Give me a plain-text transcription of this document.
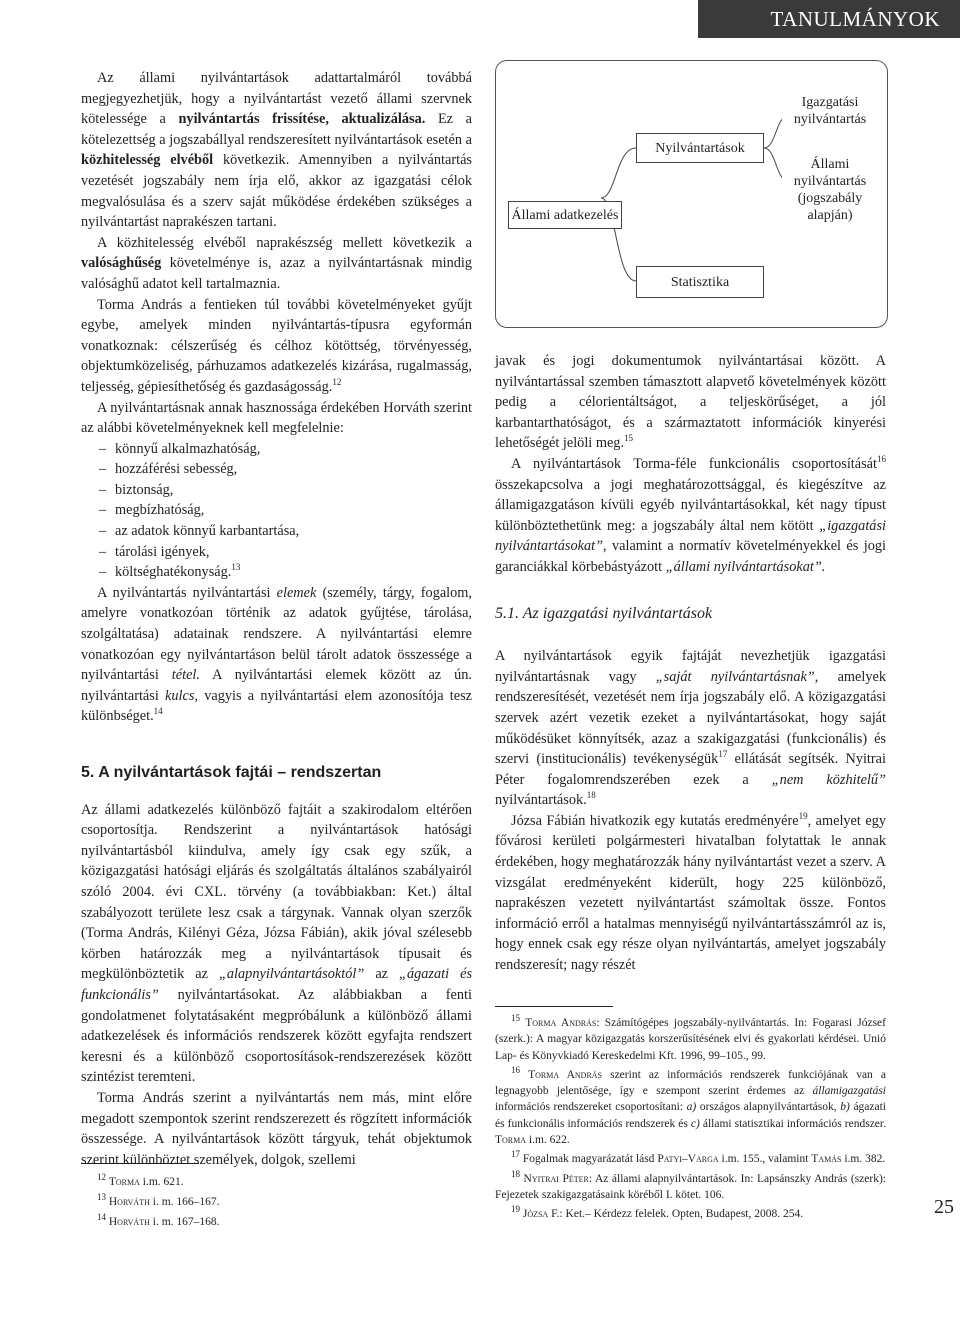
TANULMÁNYOK
Állami adatkezelés
Nyilvántartások
Statisztika
Igazgatási nyilvántartás
Állami nyilvántartás (jogszabály alapján)

Az állami nyilvántartások adattartalmáról továbbá megjegyezhetjük, hogy a nyilvántartást vezető állami szervnek kötelessége a nyilvántartás frissítése, aktualizálása. Ez a kötelezettség a jogszabállyal rendszeresített nyilvántartások esetén a közhitelesség elvéből következik. Amennyiben a nyilvántartás vezetését jogszabály nem írja elő, akkor az igazgatási célok megvalósulása és a szerv saját működése érdekében szükséges a nyilvántartást naprakészen tartani.

A közhitelesség elvéből naprakészség mellett következik a valósághűség követelménye is, azaz a nyilvántartásnak mindig valósághű adatot kell tartalmaznia.

Torma András a fentieken túl további követelményeket gyűjt egybe, amelyek minden nyilvántartás-típusra egyformán vonatkoznak: célszerűség és célhoz kötöttség, törvényesség, objektumközeliség, párhuzamos adatkezelés kizárása, rugalmasság, teljesség, gépiesíthetőség és gazdaságosság.$^{12}$

A nyilvántartásnak annak hasznossága érdekében Horváth szerint az alábbi követelményeknek kell megfelelnie:

– könnyű alkalmazhatóság,
– hozzáférési sebesség,
– biztonság,
– megbízhatóság,
– az adatok könnyű karbantartása,
– tárolási igények,
– költséghatékonyság.$^{13}$

A nyilvántartás nyilvántartási elemek (személy, tárgy, fogalom, amelyre vonatkozóan történik az adatok gyűjtése, tárolása, szolgáltatása) adatainak rendszere. A nyilvántartási elemre vonatkozóan egy nyilvántartáson belül tárolt adatok összessége a nyilvántartási tétel. A nyilvántartási elemek között az ún. nyilvántartási kulcs, vagyis a nyilvántartási elem azonosítója tesz különbséget.$^{14}$

5. A nyilvántartások fajtái – rendszertan

Az állami adatkezelés különböző fajtáit a szakirodalom eltérően csoportosítja. Rendszerint a nyilvántartások hatósági nyilvántartásból kiindulva, amely így csak egy szűk, a közigazgatási hatósági eljárás és szolgáltatás általános szabályairól szóló 2004. évi CXL. törvény (a továbbiakban: Ket.) által szabályozott területe lesz csak a tárgynak. Vannak olyan szerzők (Torma András, Kilényi Géza, Józsa Fábián), akik jóval szélesebb körben határozzák meg a nyilvántartások típusait és megkülönböztetik az „alapnyilvántartásoktól” az „ágazati és funkcionális” nyilvántartásokat. Az alábbiakban a fenti gondolatmenet folytatásaként megpróbálunk a különböző állami adatkezelések és információs rendszerek között egyfajta rendszert keresni és a különböző csoportosítások-rendszerezések között szintézist teremteni.

Torma András szerint a nyilvántartás nem más, mint előre megadott szempontok szerint rendszerezett és rögzített információk összessége. A nyilvántartások között tárgyuk, tehát objektumok szerint különböztet személyek, dolgok, szellemi

$^{12}$ Torma i.m. 621.
$^{13}$ Horváth i. m. 166–167.
$^{14}$ Horváth i. m. 167–168.

javak és jogi dokumentumok nyilvántartásai között. A nyilvántartással szemben támasztott alapvető követelmények között pedig a célorientáltságot, a teljeskörűséget, a jól karbantarthatóságot, és a származtatott információk kinyerési lehetőségét jelöli meg.$^{15}$

A nyilvántartások Torma-féle funkcionális csoportosítását$^{16}$ összekapcsolva a jogi meghatározottsággal, és kiegészítve az államigazgatáson kívüli egyéb nyilvántartásokkal, két nagy típust különböztethetünk meg: a jogszabály által nem kötött „igazgatási nyilvántartásokat”, valamint a normatív követelményekkel és jogi garanciákkal körbebástyázott „állami nyilvántartásokat”.

5.1. Az igazgatási nyilvántartások

A nyilvántartások egyik fajtáját nevezhetjük igazgatási nyilvántartásnak vagy „saját nyilvántartásnak”, amelyek rendszeresítését, vezetését nem írja jogszabály elő. A közigazgatási szervek azért vezetik ezeket a nyilvántartásokat, hogy saját működésüket könnyítsék, azaz a szakigazgatási (funkcionális) és szervi (institucionális) tevékenységük$^{17}$ ellátását segítsék. Nyitrai Péter fogalomrendszerében ezek a „nem közhitelű” nyilvántartások.$^{18}$

Józsa Fábián hivatkozik egy kutatás eredményére$^{19}$, amelyet egy fővárosi kerületi polgármesteri hivatalban folytattak le annak érdekében, hogy meghatározzák hány nyilvántartást vezet a szerv. A vizsgálat eredményeként kiderült, hogy 225 különböző, naprakészen vezetett nyilvántartást számoltak össze. Fontos információ erről a hatalmas mennyiségű nyilvántartásszámról az is, hogy ennek csak egy része olyan nyilvántartás, amelyet jogszabály rendszeresít; nagy részét

$^{15}$ Torma András: Számítógépes jogszabály-nyilvántartás. In: Fogarasi József (szerk.): A magyar közigazgatás korszerűsítésének elvi és gyakorlati kérdései. Unió Lap- és Könyvkiadó Kereskedelmi Kft. 1996, 99–105., 99.
$^{16}$ Torma András szerint az információs rendszerek funkciójának van a legnagyobb jelentősége, így e szempont szerint érdemes az államigazgatási információs rendszereket csoportosítani: a) országos alapnyilvántartások, b) ágazati és funkcionális információs rendszerek és c) állami statisztikai információs rendszer. Torma i.m. 622.
$^{17}$ Fogalmak magyarázatát lásd Patyi–Varga i.m. 155., valamint Tamás i.m. 382.
$^{18}$ Nyitrai Péter: Az állami alapnyilvántartások. In: Lapsánszky András (szerk): Fejezetek szakigazgatásaink köréből I. kötet. 106.
$^{19}$ Józsa F.: Ket.– Kérdezz felelek. Opten, Budapest, 2008. 254.	25
